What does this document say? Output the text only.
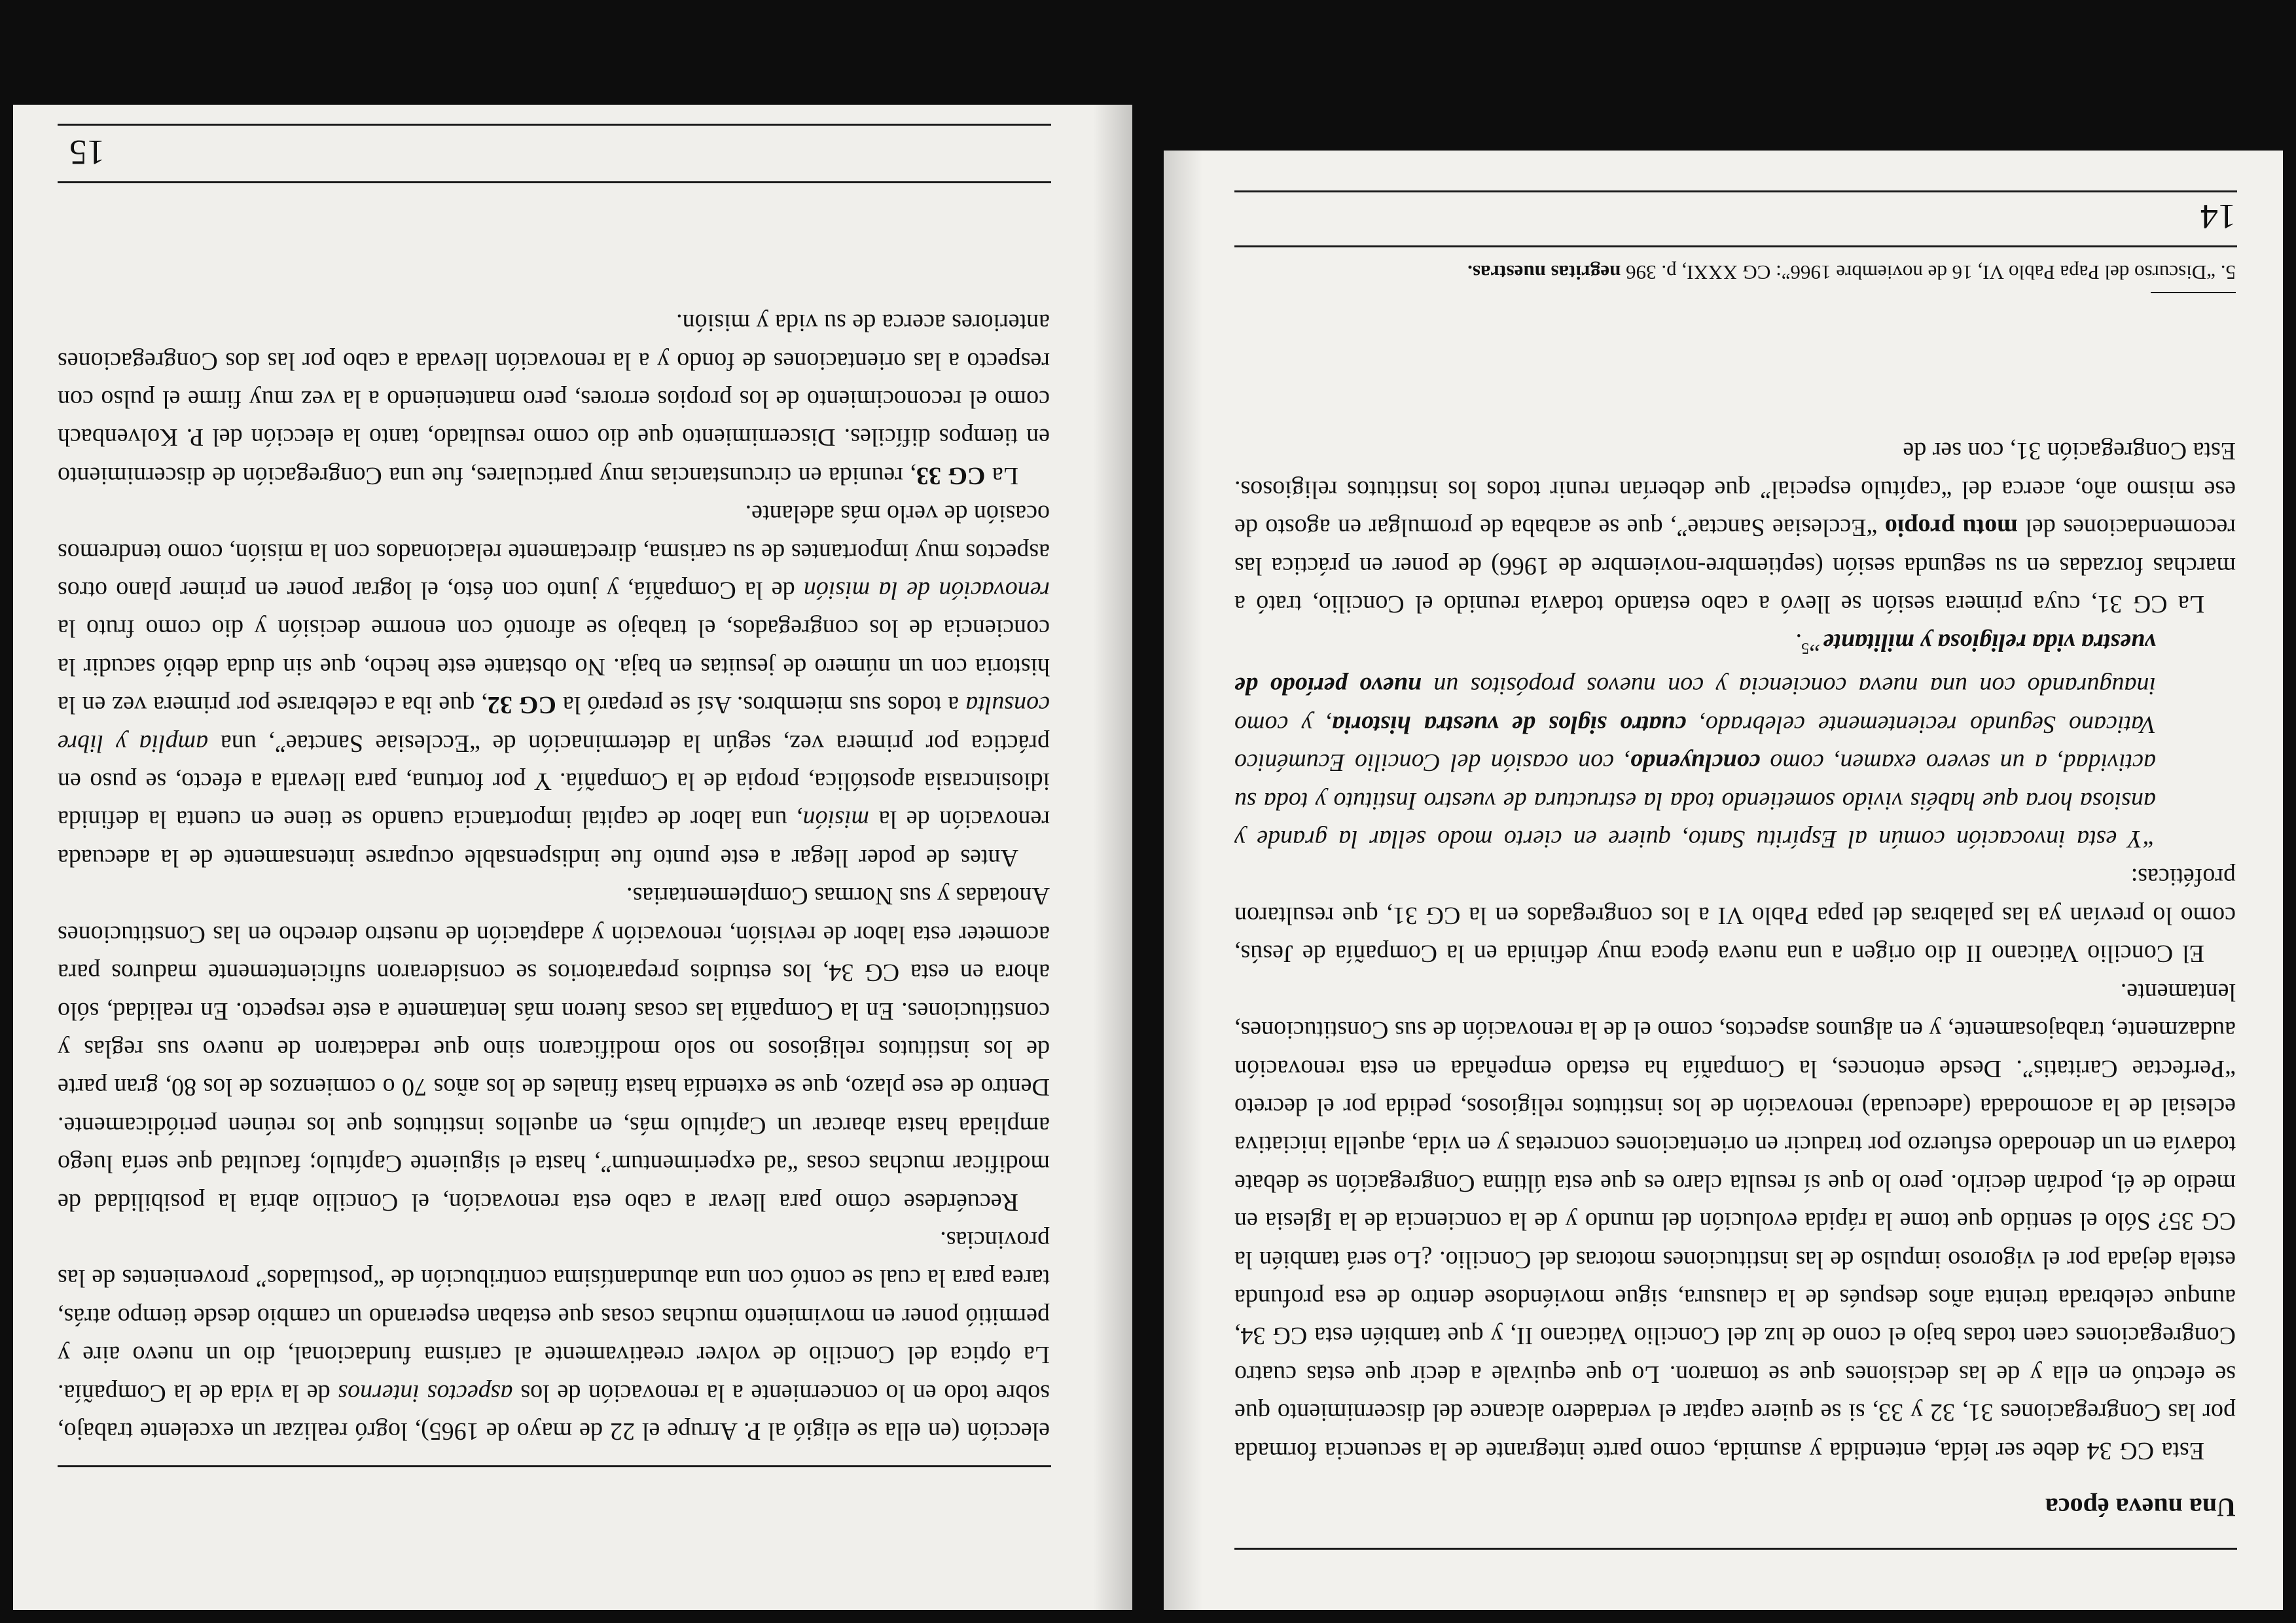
Una nueva época

Esta CG 34 debe ser leída, entendida y asumida, como parte integrante de la secuencia formada por las Congregaciones 31, 32 y 33, si se quiere captar el verdadero alcance del discernimiento que se efectuó en ella y de las decisiones que se tomaron. Lo que equivale a decir que estas cuatro Congregaciones caen todas bajo el cono de luz del Concilio Vaticano II, y que también esta CG 34, aunque celebrada treinta años después de la clausura, sigue moviéndose dentro de esa profunda estela dejada por el vigoroso impulso de las instituciones motoras del Concilio. ¿Lo será también la CG 35? Sólo el sentido que tome la rápida evolución del mundo y de la conciencia de la Iglesia en medio de él, podrán decirlo. pero lo que sí resulta claro es que esta última Congregación se debate todavía en un denodado esfuerzo por traducir en orientaciones concretas y en vida, aquella iniciativa eclesial de la acomodada (adecuada) renovación de los institutos religiosos, pedida por el decreto “Perfectae Caritatis”. Desde entonces, la Compañía ha estado empeñada en esta renovación audazmente, trabajosamente, y en algunos aspectos, como el de la renovación de sus Constituciones, lentamente.

El Concilio Vaticano II dio origen a una nueva época muy definida en la Compañía de Jesús, como lo prevían ya las palabras del papa Pablo VI a los congregados en la CG 31, que resultaron proféticas:

“Y esta invocación común al Espíritu Santo, quiere en cierto modo sellar la grande y ansiosa hora que habéis vivido sometiendo toda la estructura de vuestro Instituto y toda su actividad, a un severo examen, como concluyendo, con ocasión del Concilio Ecuménico Vaticano Segundo recientemente celebrado, cuatro siglos de vuestra historia, y como inaugurando con una nueva conciencia y con nuevos propósitos un nuevo período de vuestra vida religiosa y militante”$^5$.

La CG 31, cuya primera sesión se llevó a cabo estando todavía reunido el Concilio, trató a marchas forzadas en su segunda sesión (septiembre-noviembre de 1966) de poner en práctica las recomendaciones del motu propio “Ecclesiae Sanctae”, que se acababa de promulgar en agosto de ese mismo año, acerca del “capítulo especial” que deberían reunir todos los institutos religiosos. Esta Congregación 31, con ser de

5. “Discurso del Papa Pablo VI, 16 de noviembre 1966”: CG XXXI, p. 396 negritas nuestras.
14

elección (en ella se eligió al P. Arrupe el 22 de mayo de 1965), logró realizar un excelente trabajo, sobre todo en lo concerniente a la renovación de los aspectos internos de la vida de la Compañía. La óptica del Concilio de volver creativamente al carisma fundacional, dio un nuevo aire y permitió poner en movimiento muchas cosas que estaban esperando un cambio desde tiempo atrás, tarea para la cual se contó con una abundantísima contribución de “postulados” provenientes de las provincias.

Recuérdese cómo para llevar a cabo esta renovación, el Concilio abría la posibilidad de modificar muchas cosas “ad experimentum”, hasta el siguiente Capítulo; facultad que sería luego ampliada hasta abarcar un Capítulo más, en aquellos institutos que los reúnen periódicamente. Dentro de ese plazo, que se extendía hasta finales de los años 70 o comienzos de los 80, gran parte de los institutos religiosos no solo modificaron sino que redactaron de nuevo sus reglas y constituciones. En la Compañía las cosas fueron más lentamente a este respecto. En realidad, sólo ahora en esta CG 34, los estudios preparatorios se consideraron suficientemente maduros para acometer esta labor de revisión, renovación y adaptación de nuestro derecho en las Constituciones Anotadas y sus Normas Complementarias.

Antes de poder llegar a este punto fue indispensable ocuparse intensamente de la adecuada renovación de la misión, una labor de capital importancia cuando se tiene en cuenta la definida idiosincrasia apostólica, propia de la Compañía. Y por fortuna, para llevarla a efecto, se puso en práctica por primera vez, según la determinación de “Ecclesiae Sanctae”, una amplia y libre consulta a todos sus miembros. Así se preparó la CG 32, que iba a celebrarse por primera vez en la historia con un número de jesuitas en baja. No obstante este hecho, que sin duda debió sacudir la conciencia de los congregados, el trabajo se afrontó con enorme decisión y dio como fruto la renovación de la misión de la Compañía, y junto con ésto, el lograr poner en primer plano otros aspectos muy importantes de su carisma, directamente relacionados con la misión, como tendremos ocasión de verlo más adelante.

La CG 33, reunida en circunstancias muy particulares, fue una Congregación de discernimiento en tiempos difíciles. Discernimiento que dio como resultado, tanto la elección del P. Kolvenbach como el reconocimiento de los propios errores, pero manteniendo a la vez muy firme el pulso con respecto a las orientaciones de fondo y a la renovación llevada a cabo por las dos Congregaciones anteriores acerca de su vida y misión.

15
